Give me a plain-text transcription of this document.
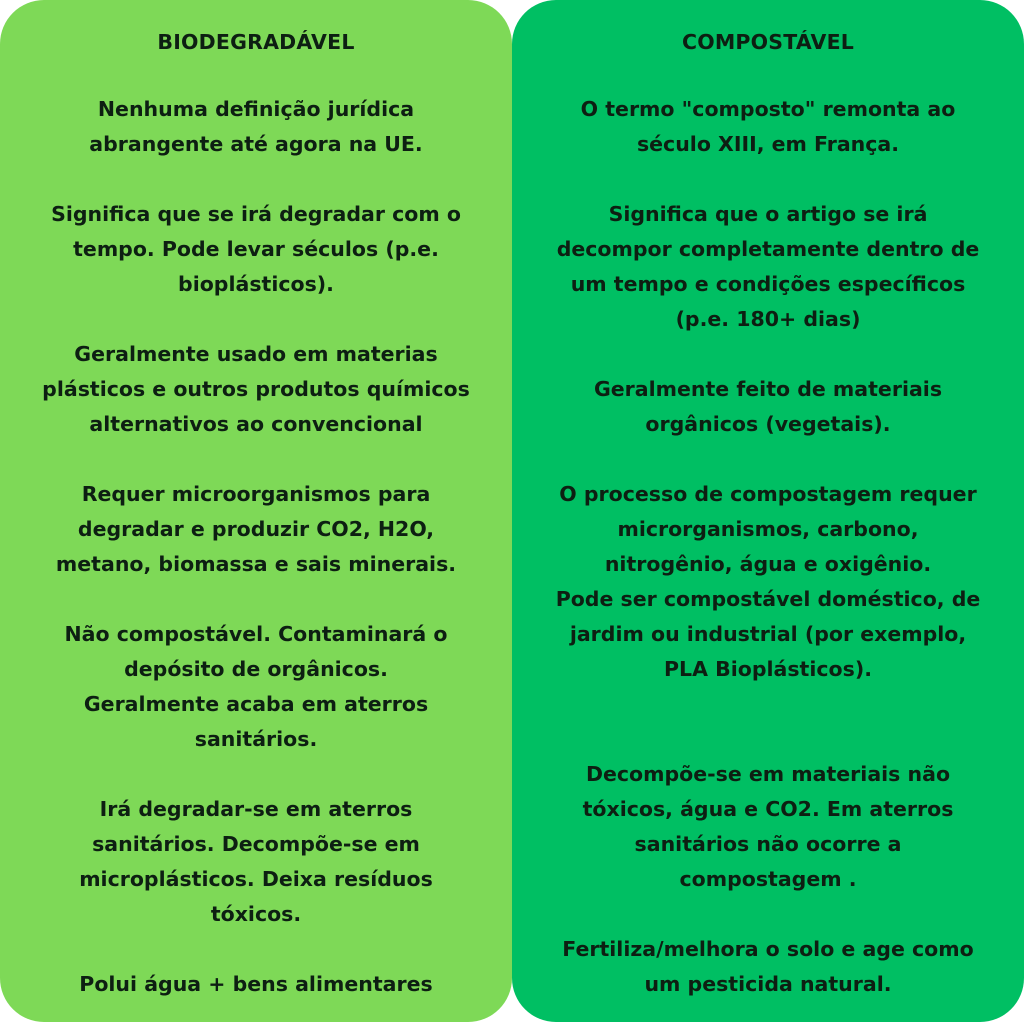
BIODEGRADÁVEL
Nenhuma definição jurídica
abrangente até agora na UE.
Significa que se irá degradar com o
tempo. Pode levar séculos (p.e.
bioplásticos).
Geralmente usado em materias
plásticos e outros produtos químicos
alternativos ao convencional
Requer microorganismos para
degradar e produzir CO2, H2O,
metano, biomassa e sais minerais.
Não compostável. Contaminará o
depósito de orgânicos.
Geralmente acaba em aterros
sanitários.
Irá degradar-se em aterros
sanitários. Decompõe-se em
microplásticos. Deixa resíduos
tóxicos.
Polui água + bens alimentares
COMPOSTÁVEL
O termo "composto" remonta ao
século XIII, em França.
Significa que o artigo se irá
decompor completamente dentro de
um tempo e condições específicos
(p.e. 180+ dias)
Geralmente feito de materiais
orgânicos (vegetais).
O processo de compostagem requer
microrganismos, carbono,
nitrogênio, água e oxigênio.
Pode ser compostável doméstico, de
jardim ou industrial (por exemplo,
PLA Bioplásticos).
Decompõe-se em materiais não
tóxicos, água e CO2. Em aterros
sanitários não ocorre a
compostagem .
Fertiliza/melhora o solo e age como
um pesticida natural.
